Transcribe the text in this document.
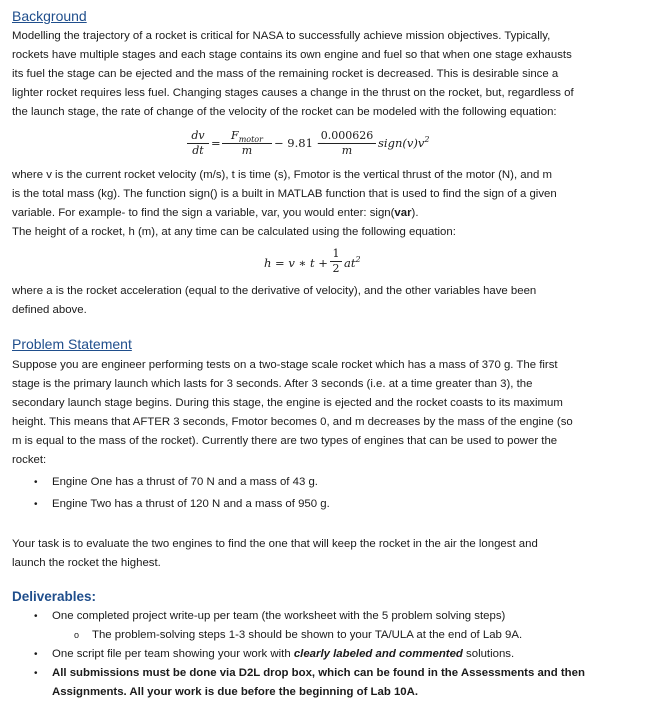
Background

Modelling the trajectory of a rocket is critical for NASA to successfully achieve mission objectives. Typically,

rockets have multiple stages and each stage contains its own engine and fuel so that when one stage exhausts

its fuel the stage can be ejected and the mass of the remaining rocket is decreased. This is desirable since a

lighter rocket requires less fuel. Changing stages causes a change in the thrust on the rocket, but, regardless of

the launch stage, the rate of change of the velocity of the rocket can be modeled with the following equation:

$\frac{dv}{dt}$ =
$F_{motor}$
m
− 9.81 −
$\frac{0.000626}{m}$ $sign(v)v^2$

where v is the current rocket velocity (m/s), t is time (s), Fmotor is the vertical thrust of the motor (N), and m

is the total mass (kg). The function sign() is a built in MATLAB function that is used to find the sign of a given

variable. For example- to find the sign a variable, var, you would enter: sign(var).

The height of a rocket, h (m), at any time can be calculated using the following equation:

h = v ∗ $t + \frac{1}{2} at^2$

where a is the rocket acceleration (equal to the derivative of velocity), and the other variables have been

defined above.

Problem Statement

Suppose you are engineer performing tests on a two-stage scale rocket which has a mass of 370 g. The first

stage is the primary launch which lasts for 3 seconds. After 3 seconds (i.e. at a time greater than 3), the

secondary launch stage begins. During this stage, the engine is ejected and the rocket coasts to its maximum

height. This means that AFTER 3 seconds, Fmotor becomes 0, and m decreases by the mass of the engine (so

m is equal to the mass of the rocket). Currently there are two types of engines that can be used to power the

rocket:

• Engine One has a thrust of 70 N and a mass of 43 g.
• Engine Two has a thrust of 120 N and a mass of 950 g.

Your task is to evaluate the two engines to find the one that will keep the rocket in the air the longest and

launch the rocket the highest.

Deliverables:
• One completed project write-up per team (the worksheet with the 5 problem solving steps)
o The problem-solving steps 1-3 should be shown to your TA/ULA at the end of Lab 9A.
• One script file per team showing your work with clearly labeled and commented solutions.
• All submissions must be done via D2L drop box, which can be found in the Assessments and then
Assignments. All your work is due before the beginning of Lab 10A.
